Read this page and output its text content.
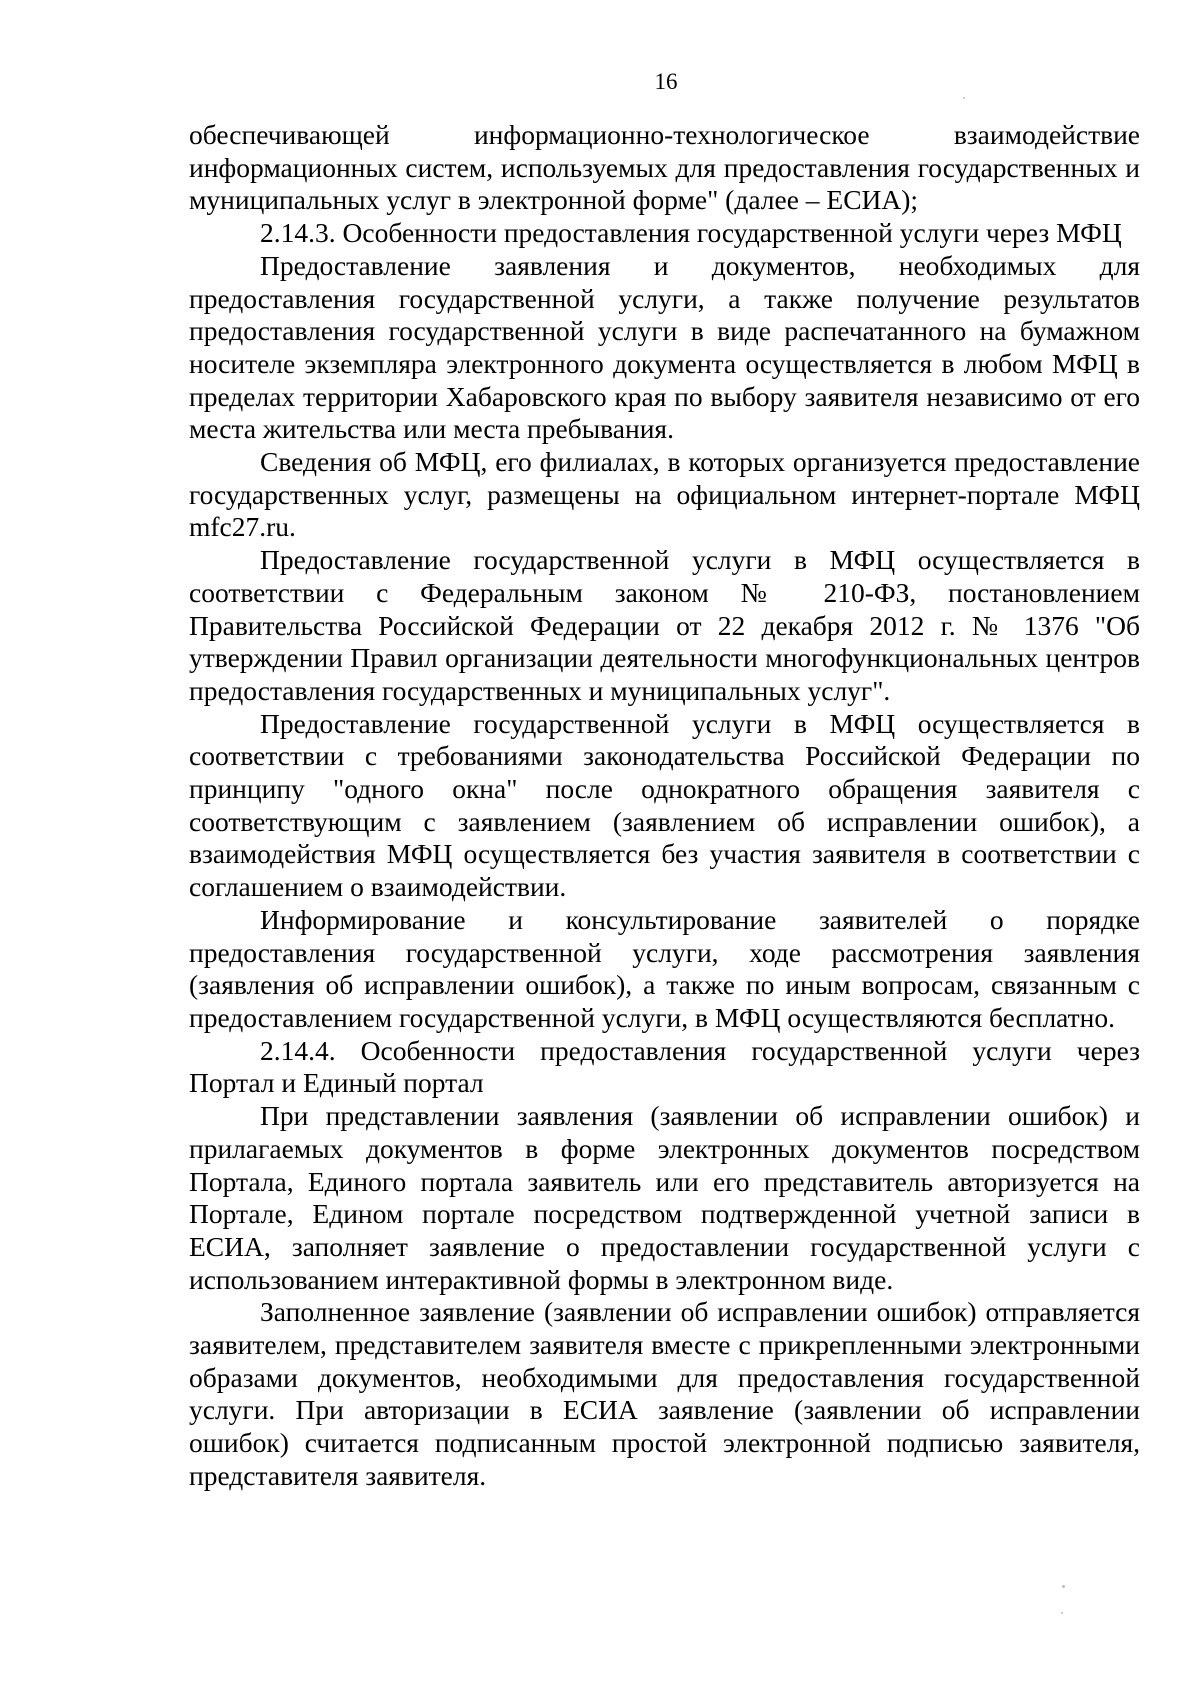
16

обеспечивающей информационно-технологическое взаимодействие информационных систем, используемых для предоставления государственных и муниципальных услуг в электронной форме" (далее – ЕСИА);

2.14.3. Особенности предоставления государственной услуги через МФЦ

Предоставление заявления и документов, необходимых для предоставления государственной услуги, а также получение результатов предоставления государственной услуги в виде распечатанного на бумажном носителе экземпляра электронного документа осуществляется в любом МФЦ в пределах территории Хабаровского края по выбору заявителя независимо от его места жительства или места пребывания.

Сведения об МФЦ, его филиалах, в которых организуется предоставление государственных услуг, размещены на официальном интернет-портале МФЦ mfc27.ru.

Предоставление государственной услуги в МФЦ осуществляется в соответствии с Федеральным законом № 210-ФЗ, постановлением Правительства Российской Федерации от 22 декабря 2012 г. № 1376 "Об утверждении Правил организации деятельности многофункциональных центров предоставления государственных и муниципальных услуг".

Предоставление государственной услуги в МФЦ осуществляется в соответствии с требованиями законодательства Российской Федерации по принципу "одного окна" после однократного обращения заявителя с соответствующим с заявлением (заявлением об исправлении ошибок), а взаимодействия МФЦ осуществляется без участия заявителя в соответствии с соглашением о взаимодействии.

Информирование и консультирование заявителей о порядке предоставления государственной услуги, ходе рассмотрения заявления (заявления об исправлении ошибок), а также по иным вопросам, связанным с предоставлением государственной услуги, в МФЦ осуществляются бесплатно.

2.14.4. Особенности предоставления государственной услуги через Портал и Единый портал

При представлении заявления (заявлении об исправлении ошибок) и прилагаемых документов в форме электронных документов посредством Портала, Единого портала заявитель или его представитель авторизуется на Портале, Едином портале посредством подтвержденной учетной записи в ЕСИА, заполняет заявление о предоставлении государственной услуги с использованием интерактивной формы в электронном виде.

Заполненное заявление (заявлении об исправлении ошибок) отправляется заявителем, представителем заявителя вместе с прикрепленными электронными образами документов, необходимыми для предоставления государственной услуги. При авторизации в ЕСИА заявление (заявлении об исправлении ошибок) считается подписанным простой электронной подписью заявителя, представителя заявителя.
